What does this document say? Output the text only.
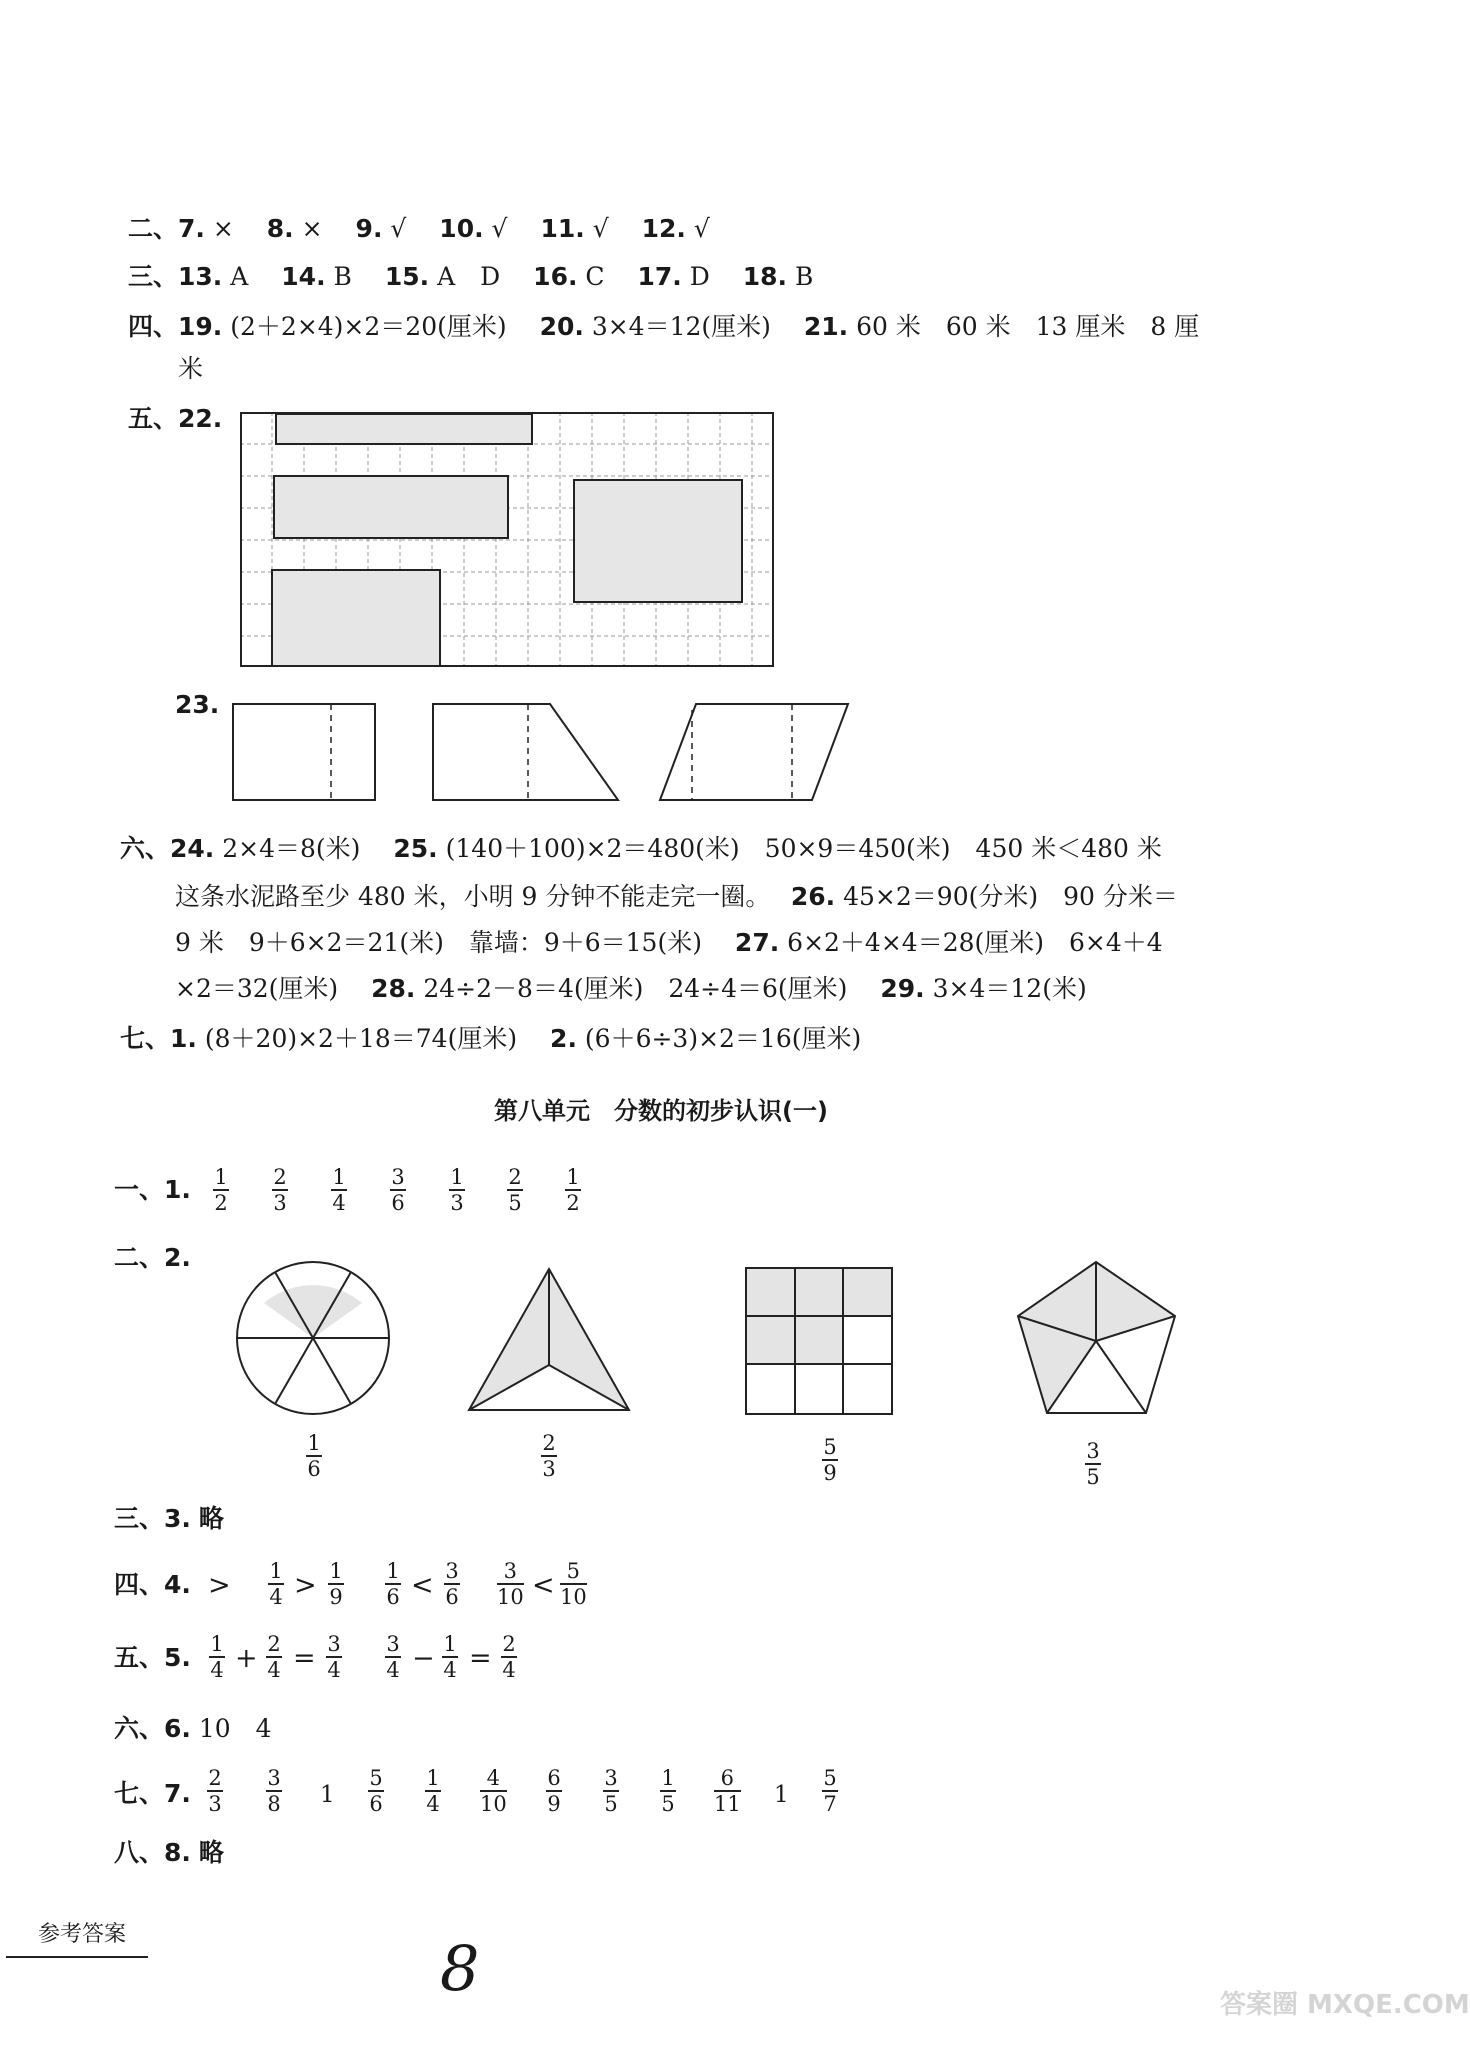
二、7. ×　 8. ×　 9. √　 10. √　 11. √　 12. √
三、13. A　 14. B　 15. A　D　 16. C　 17. D　 18. B
四、19. (2＋2×4)×2＝20(厘米)　 20. 3×4＝12(厘米)　 21. 60 米　60 米　13 厘米　8 厘
米
五、22.
23.
六、24. 2×4＝8(米)　 25. (140＋100)×2＝480(米)　50×9＝450(米)　450 米＜480 米
这条水泥路至少 480 米，小明 9 分钟不能走完一圈。　 26. 45×2＝90(分米)　90 分米＝
9 米　9＋6×2＝21(米)　靠墙：9＋6＝15(米)　 27. 6×2＋4×4＝28(厘米)　6×4＋4
×2＝32(厘米)　 28. 24÷2－8＝4(厘米)　24÷4＝6(厘米)　 29. 3×4＝12(米)
七、1. (8＋20)×2＋18＝74(厘米)　 2. (6＋6÷3)×2＝16(厘米)
第八单元　分数的初步认识(一)
一、1. 1
2
2
3
1
4
3
6
1
3
2
5
1
2
二、2.
1
6
2
3
5
9
3
5
三、3. 略
四、4. > 1
4 > 1
9
1
6 < 3
6
3
10 < 5
10
五、5. 1
4 + 2
4 = 3
4
3
4 − 1
4 = 2
4
六、6. 10　4
七、7.
2
3
3
8 1
5
6
1
4
4
10
6
9
3
5
1
5
6
11 1
5
7
八、8. 略
参考答案	8	答案圈 MXQE.COM
